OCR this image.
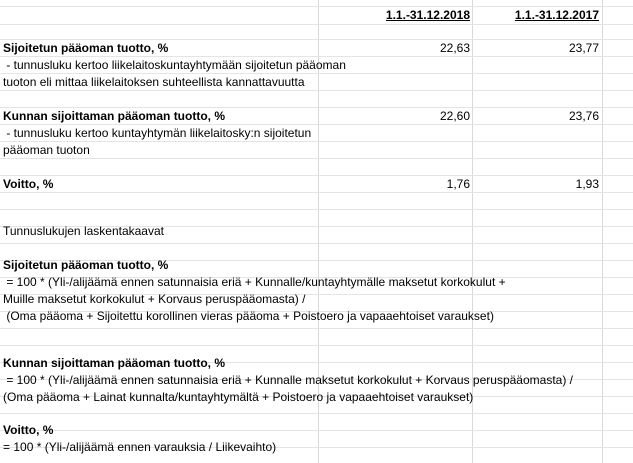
1.1.-31.12.2018	1.1.-31.12.2017
Sijoitetun pääoman tuotto, %	22,63	23,77
- tunnusluku kertoo liikelaitoskuntayhtymään sijoitetun pääoman
tuoton eli mittaa liikelaitoksen suhteellista kannattavuutta
Kunnan sijoittaman pääoman tuotto, %	22,60	23,76
- tunnusluku kertoo kuntayhtymän liikelaitosky:n sijoitetun
pääoman tuoton
Voitto, %	1,76	1,93
Tunnuslukujen laskentakaavat
Sijoitetun pääoman tuotto, %
= 100 * (Yli-/alijäämä ennen satunnaisia eriä + Kunnalle/kuntayhtymälle maksetut korkokulut +
Muille maksetut korkokulut + Korvaus peruspääomasta) /
(Oma pääoma + Sijoitettu korollinen vieras pääoma + Poistoero ja vapaaehtoiset varaukset)
Kunnan sijoittaman pääoman tuotto, %
= 100 * (Yli-/alijäämä ennen satunnaisia eriä + Kunnalle maksetut korkokulut + Korvaus peruspääomasta) /
(Oma pääoma + Lainat kunnalta/kuntayhtymältä + Poistoero ja vapaaehtoiset varaukset)
Voitto, %
= 100 * (Yli-/alijäämä ennen varauksia / Liikevaihto)
